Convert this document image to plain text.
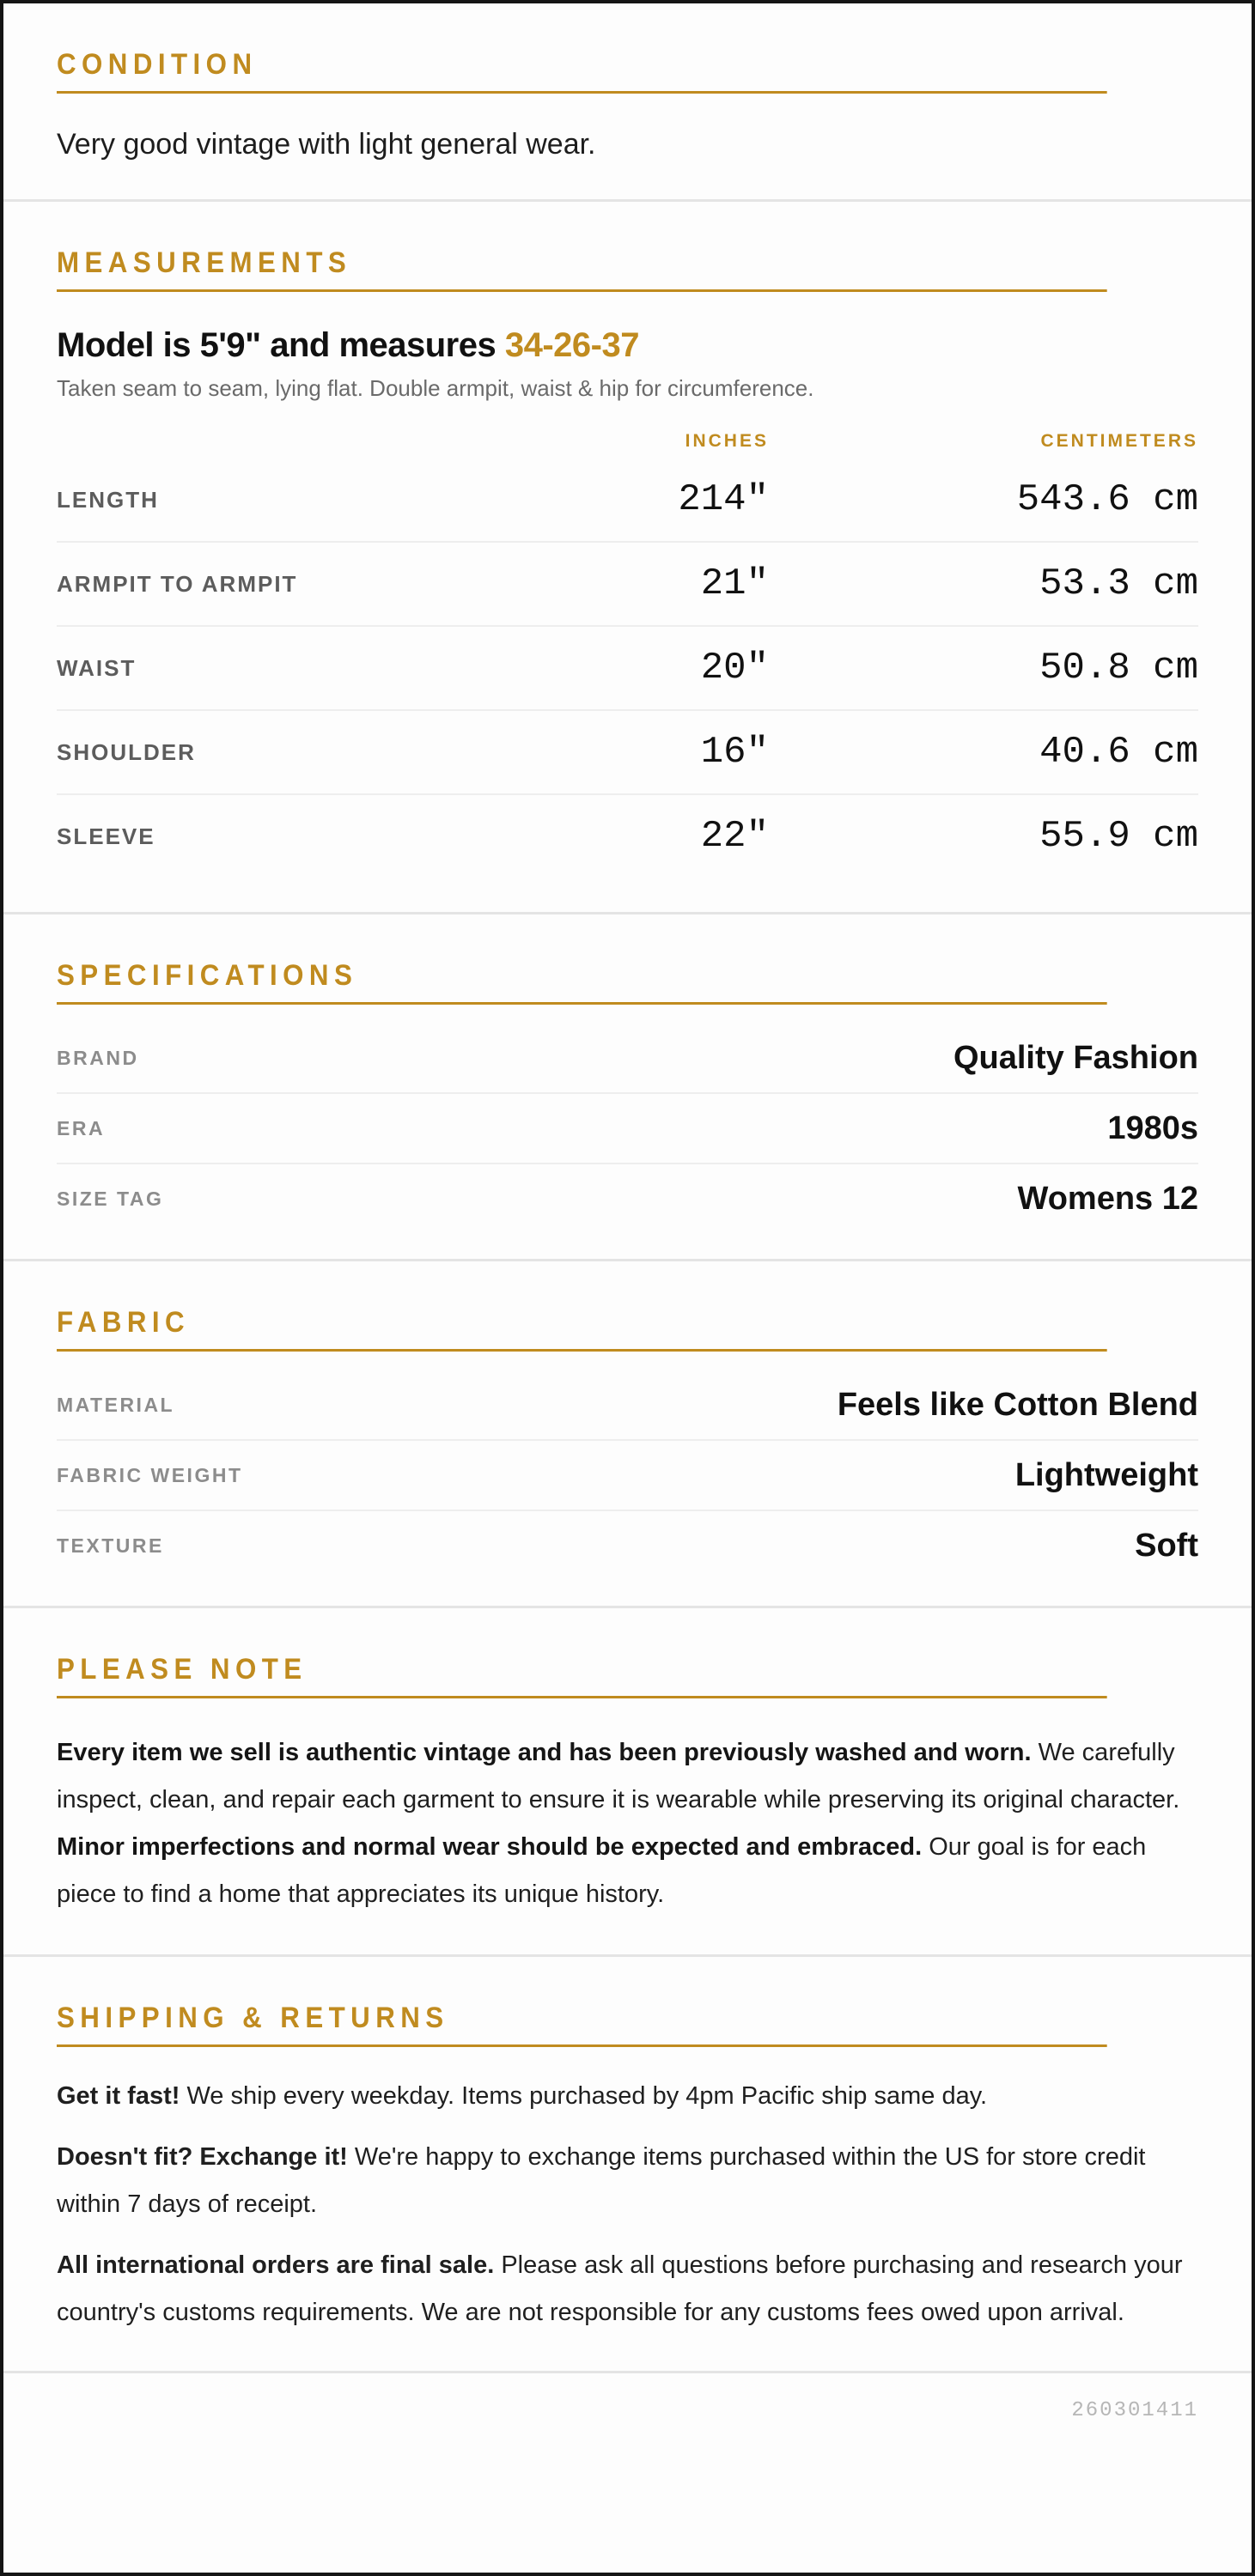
CONDITION
Very good vintage with light general wear.
MEASUREMENTS
Model is 5'9" and measures 34-26-37
Taken seam to seam, lying flat. Double armpit, waist & hip for circumference.
INCHES	CENTIMETERS
LENGTH	214"	543.6 cm
ARMPIT TO ARMPIT	21"	53.3 cm
WAIST	20"	50.8 cm
SHOULDER	16"	40.6 cm
SLEEVE	22"	55.9 cm
SPECIFICATIONS
BRAND	Quality Fashion
ERA	1980s
SIZE TAG	Womens 12
FABRIC
MATERIAL	Feels like Cotton Blend
FABRIC WEIGHT	Lightweight
TEXTURE	Soft
PLEASE NOTE
Every item we sell is authentic vintage and has been previously washed and worn. We carefully inspect, clean, and repair each garment to ensure it is wearable while preserving its original character. Minor imperfections and normal wear should be expected and embraced. Our goal is for each piece to find a home that appreciates its unique history.
SHIPPING & RETURNS

Get it fast! We ship every weekday. Items purchased by 4pm Pacific ship same day.

Doesn't fit? Exchange it! We're happy to exchange items purchased within the US for store credit within 7 days of receipt.

All international orders are final sale. Please ask all questions before purchasing and research your country's customs requirements. We are not responsible for any customs fees owed upon arrival.

260301411
